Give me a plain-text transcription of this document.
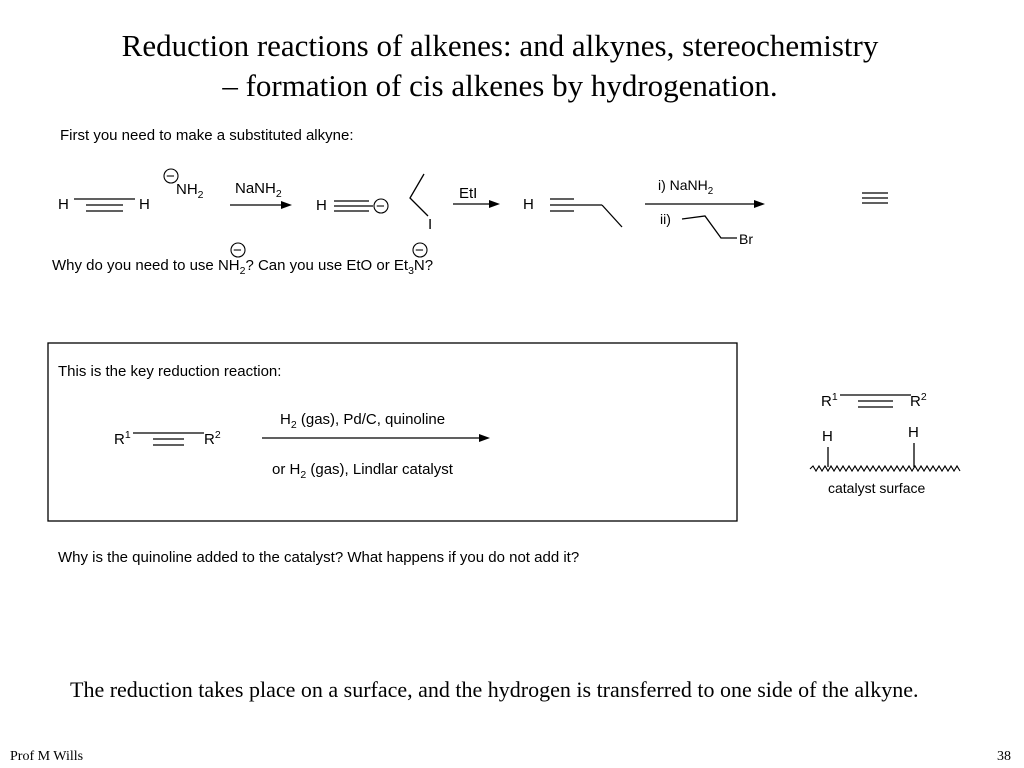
Reduction reactions of alkenes: and alkynes, stereochemistry
– formation of cis alkenes by hydrogenation.
First you need to make a substituted alkyne:
H	H
−
$NH_2$ NaNH$_2$
H	−
I
EtI
H
i) NaNH$_2$
ii)
Br
−	−
Why do you need to use $NH_2$? Can you use EtO or $Et_3N$?
This is the key reduction reaction:
$R^1$	$R^2$
$H_2$ (gas), Pd/C, quinoline
or $H_2$ (gas), Lindlar catalyst
$R^1$	$R^2$
H	H
catalyst surface
Why is the quinoline added to the catalyst? What happens if you do not add it?
The reduction takes place on a surface, and the hydrogen is transferred to one side of the alkyne.
Prof M Wills	38
